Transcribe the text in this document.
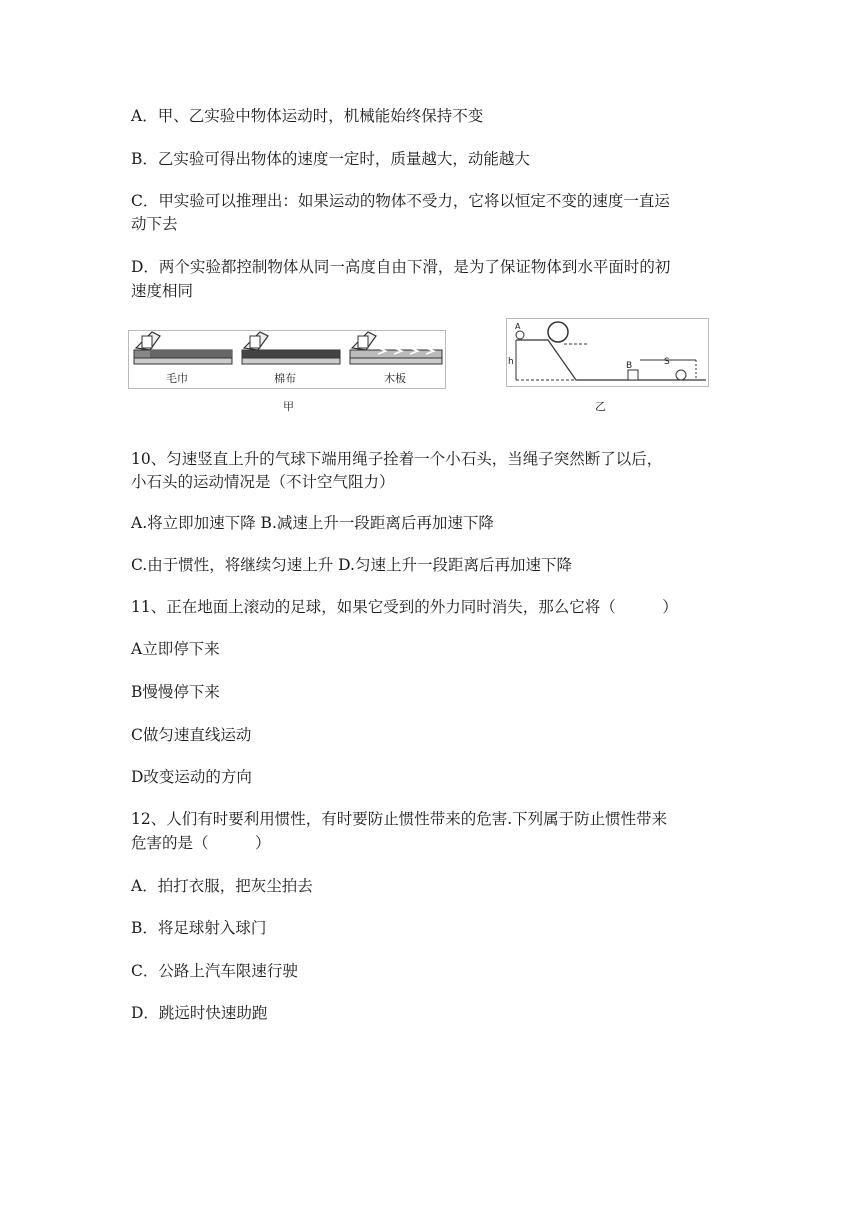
A．甲、乙实验中物体运动时，机械能始终保持不变
B．乙实验可得出物体的速度一定时，质量越大，动能越大
C．甲实验可以推理出：如果运动的物体不受力，它将以恒定不变的速度一直运
动下去
D．两个实验都控制物体从同一高度自由下滑，是为了保证物体到水平面时的初
速度相同
毛巾	棉布	木板
甲
A
h	B	S
乙
10、匀速竖直上升的气球下端用绳子拴着一个小石头，当绳子突然断了以后，
小石头的运动情况是（不计空气阻力）
A.将立即加速下降 B.减速上升一段距离后再加速下降
C.由于惯性，将继续匀速上升 D.匀速上升一段距离后再加速下降
11、正在地面上滚动的足球，如果它受到的外力同时消失，那么它将（　　　）
A立即停下来
B慢慢停下来
C做匀速直线运动
D改变运动的方向
12、人们有时要利用惯性，有时要防止惯性带来的危害.下列属于防止惯性带来
危害的是（　　　）
A．拍打衣服，把灰尘拍去
B．将足球射入球门
C．公路上汽车限速行驶
D．跳远时快速助跑
